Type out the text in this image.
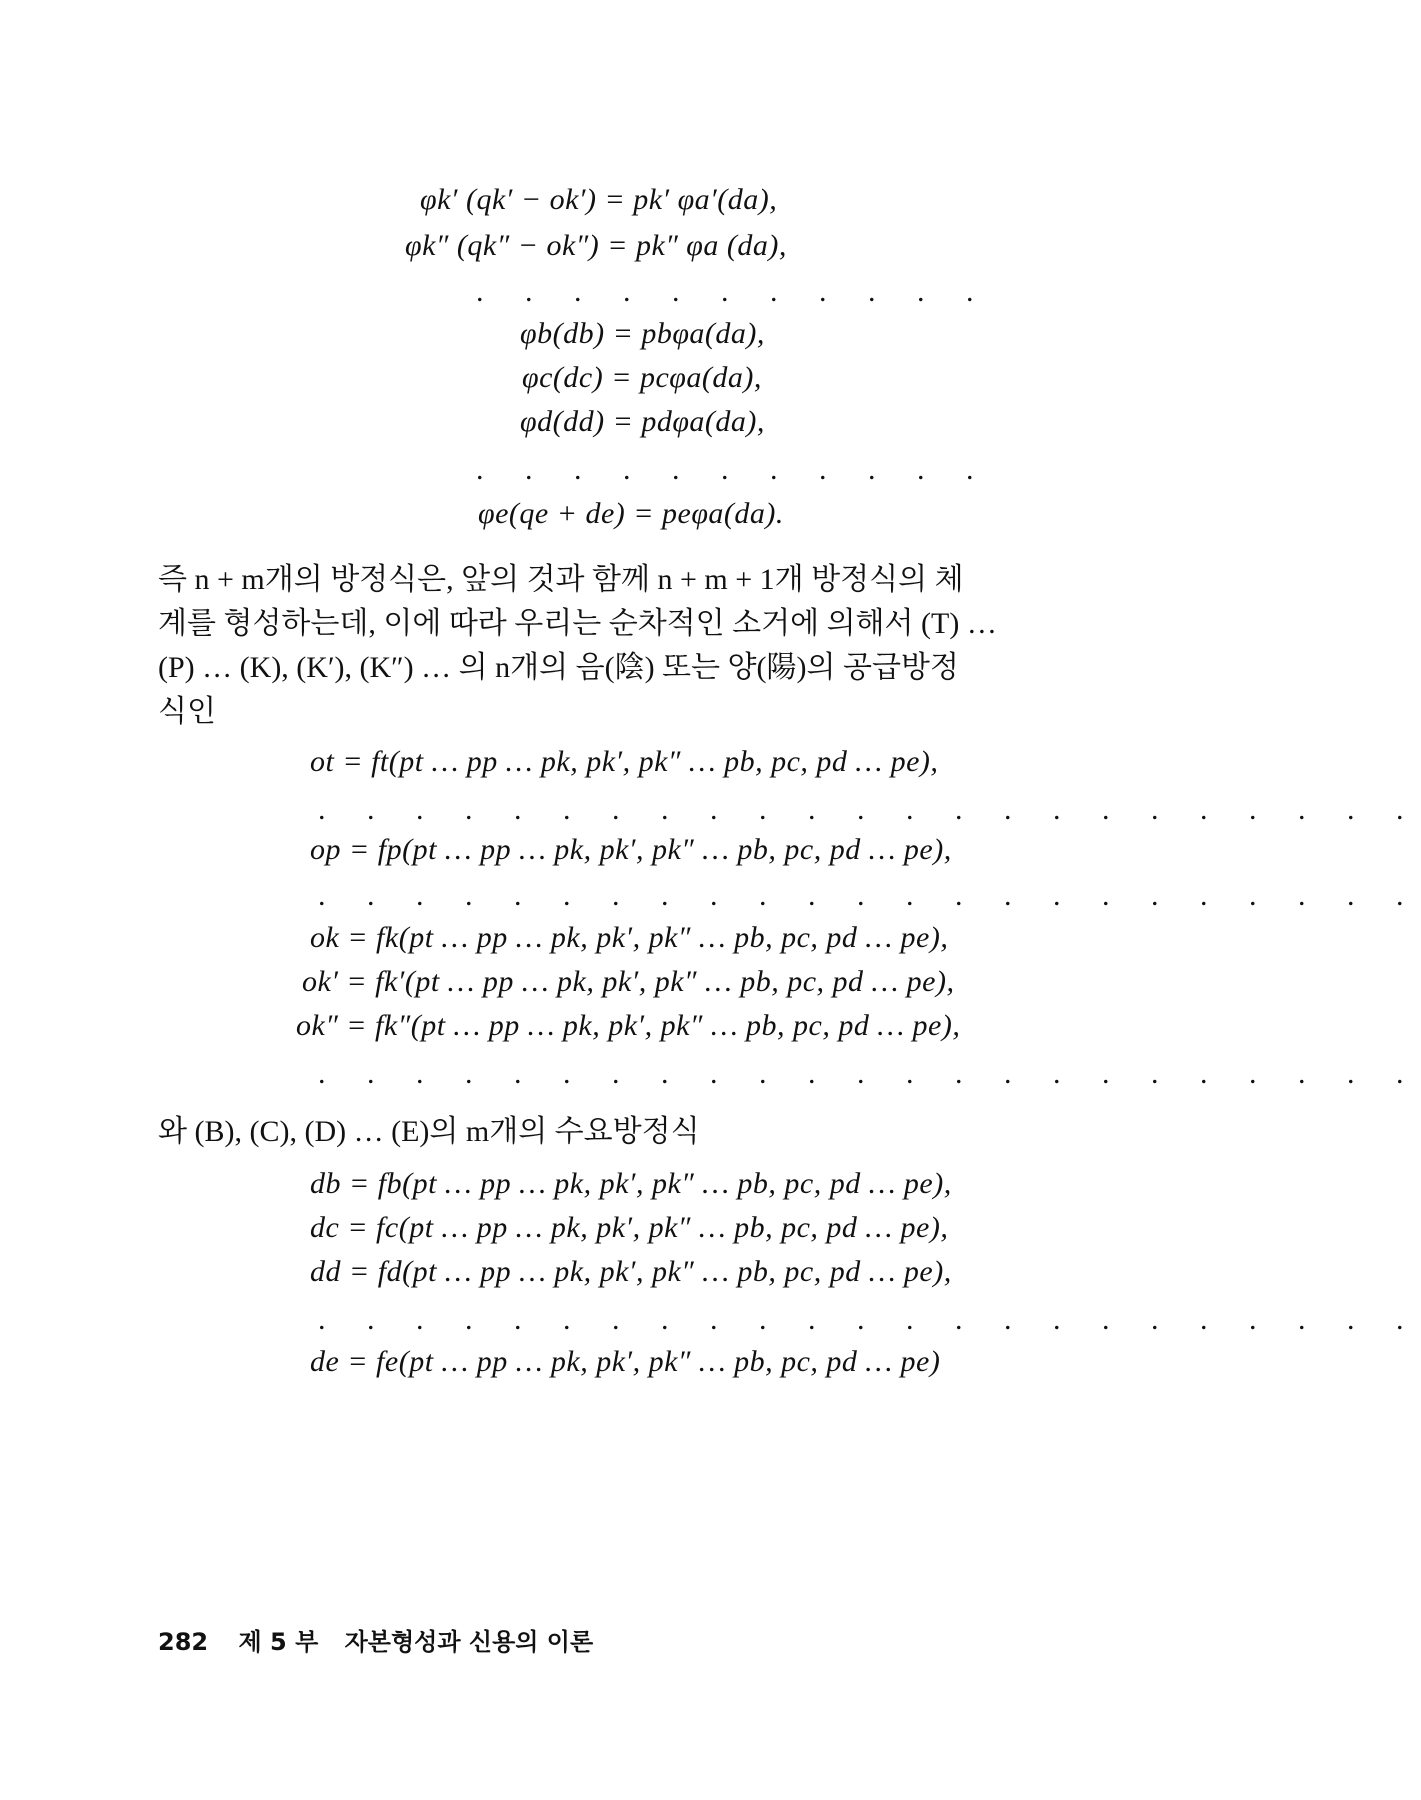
φk′ (qk′ − ok′) = pk′ φa′(da),
φk″ (qk″ − ok″) = pk″ φa (da),
. . . . . . . . . . .
φb(db) = pbφa(da),
φc(dc) = pcφa(da),
φd(dd) = pdφa(da),
. . . . . . . . . . .
φe(qe + de) = peφa(da).
즉 n + m개의 방정식은, 앞의 것과 함께 n + m + 1개 방정식의 체
계를 형성하는데, 이에 따라 우리는 순차적인 소거에 의해서 (T) …
(P) … (K), (K′), (K″) … 의 n개의 음(陰) 또는 양(陽)의 공급방정
식인
ot = ft(pt … pp … pk, pk′, pk″ … pb, pc, pd … pe),
. . . . . . . . . . . . . . . . . . . . . . .
op = fp(pt … pp … pk, pk′, pk″ … pb, pc, pd … pe),
. . . . . . . . . . . . . . . . . . . . . . .
ok = fk(pt … pp … pk, pk′, pk″ … pb, pc, pd … pe),
ok′ = fk′(pt … pp … pk, pk′, pk″ … pb, pc, pd … pe),
ok″ = fk″(pt … pp … pk, pk′, pk″ … pb, pc, pd … pe),
. . . . . . . . . . . . . . . . . . . . . . .
와 (B), (C), (D) … (E)의 m개의 수요방정식
db = fb(pt … pp … pk, pk′, pk″ … pb, pc, pd … pe),
dc = fc(pt … pp … pk, pk′, pk″ … pb, pc, pd … pe),
dd = fd(pt … pp … pk, pk′, pk″ … pb, pc, pd … pe),
. . . . . . . . . . . . . . . . . . . . . . .
de = fe(pt … pp … pk, pk′, pk″ … pb, pc, pd … pe)
282 제 5 부 자본형성과 신용의 이론
